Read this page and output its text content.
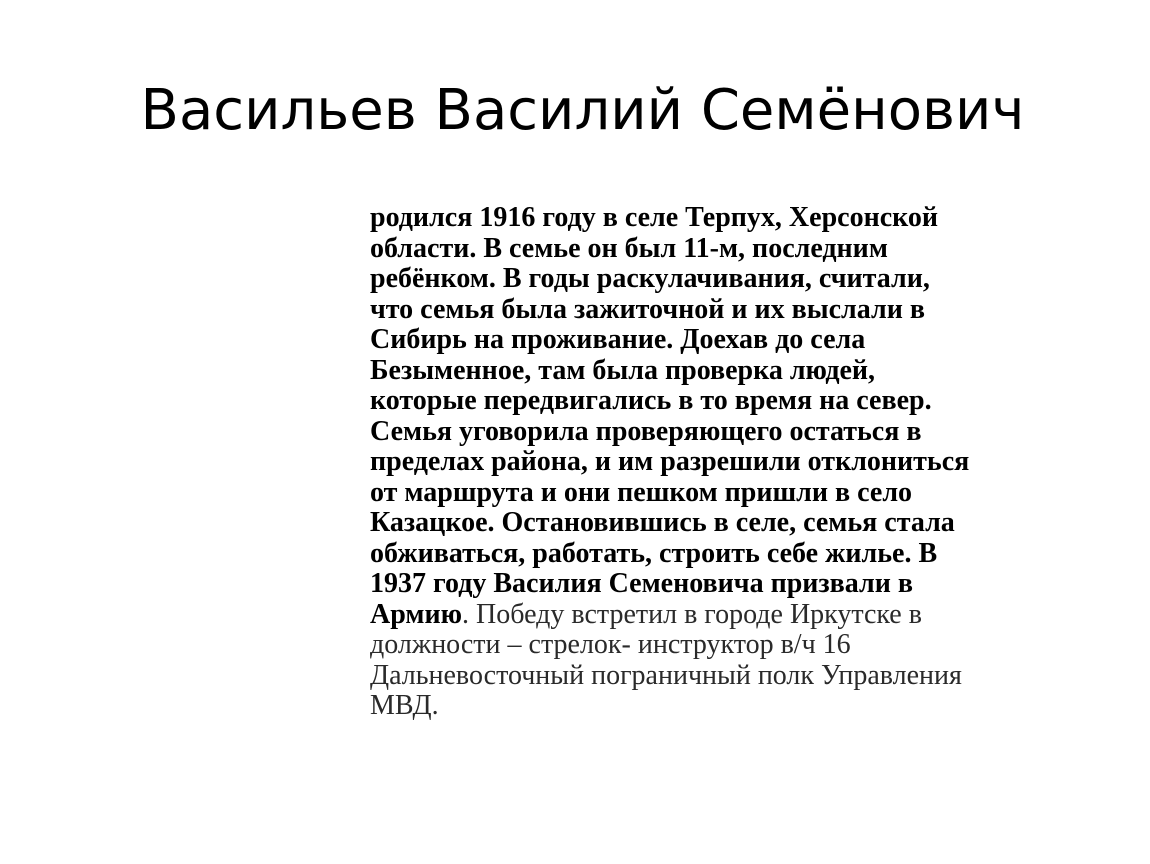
Васильев Василий Семёнович
родился 1916 году в селе Терпух, Херсонской
области. В семье он был 11-м, последним
ребёнком. В годы раскулачивания, считали,
что семья была зажиточной и их выслали в
Сибирь на проживание. Доехав до села
Безыменное, там была проверка людей,
которые передвигались в то время на север.
Семья уговорила проверяющего остаться в
пределах района, и им разрешили отклониться
от маршрута и они пешком пришли в село
Казацкое. Остановившись в селе, семья стала
обживаться, работать, строить себе жилье. В
1937 году Василия Семеновича призвали в
Армию. Победу встретил в городе Иркутске в
должности – стрелок- инструктор в/ч 16
Дальневосточный пограничный полк Управления
МВД.
